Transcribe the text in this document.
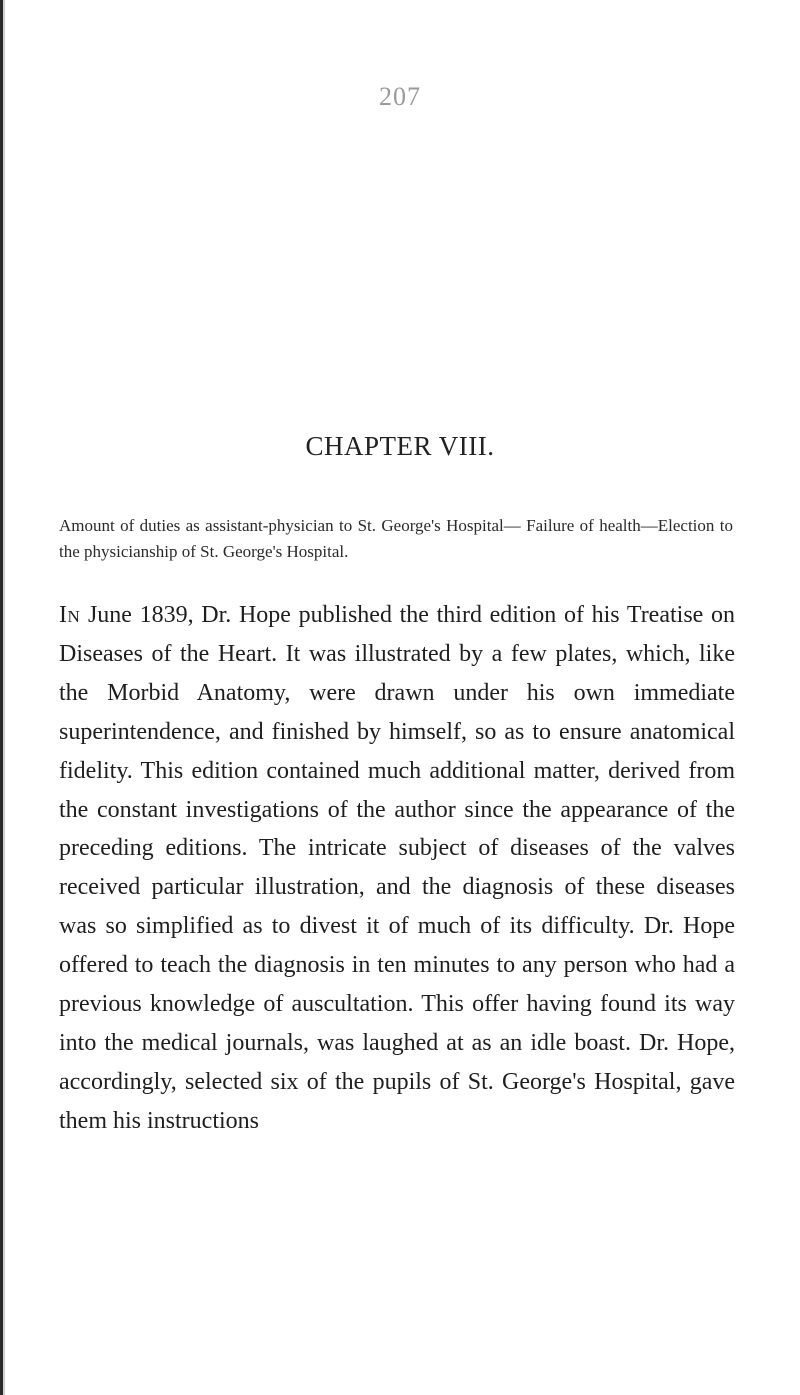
207
CHAPTER VIII.

Amount of duties as assistant-physician to St. George's Hospital— Failure of health—Election to the physicianship of St. George's Hospital.

In June 1839, Dr. Hope published the third edition of his Treatise on Diseases of the Heart. It was illustrated by a few plates, which, like the Morbid Anatomy, were drawn under his own immediate superintendence, and finished by himself, so as to ensure anatomical fidelity. This edition contained much additional matter, derived from the constant investigations of the author since the appearance of the preceding editions. The intricate subject of diseases of the valves received particular illustration, and the diagnosis of these diseases was so simplified as to divest it of much of its difficulty. Dr. Hope offered to teach the diagnosis in ten minutes to any person who had a previous knowledge of auscultation. This offer having found its way into the medical journals, was laughed at as an idle boast. Dr. Hope, accordingly, selected six of the pupils of St. George's Hospital, gave them his instructions
